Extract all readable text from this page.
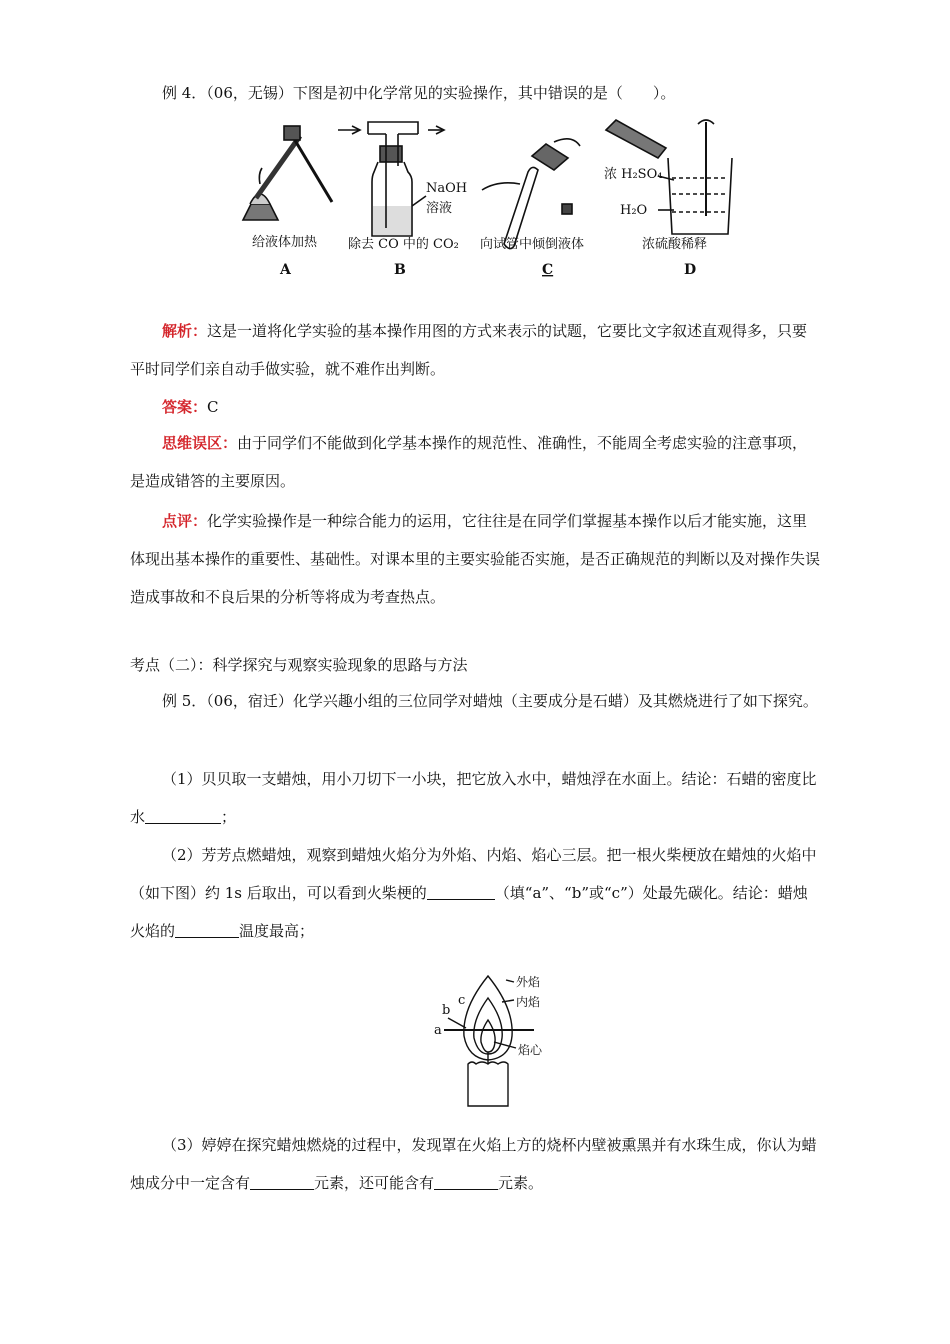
例 4．（06，无锡）下图是初中化学常见的实验操作，其中错误的是（　　）。

NaOH
溶液
浓 H₂SO₄
H₂O
给液体加热 除去 CO 中的 CO₂ 向试管中倾倒液体	浓硫酸稀释
A	B	C	D

解析：这是一道将化学实验的基本操作用图的方式来表示的试题，它要比文字叙述直观得多，只要平时同学们亲自动手做实验，就不难作出判断。

答案：C

思维误区：由于同学们不能做到化学基本操作的规范性、准确性，不能周全考虑实验的注意事项，是造成错答的主要原因。

点评：化学实验操作是一种综合能力的运用，它往往是在同学们掌握基本操作以后才能实施，这里体现出基本操作的重要性、基础性。对课本里的主要实验能否实施，是否正确规范的判断以及对操作失误造成事故和不良后果的分析等将成为考查热点。

考点（二）：科学探究与观察实验现象的思路与方法

例 5．（06，宿迁）化学兴趣小组的三位同学对蜡烛（主要成分是石蜡）及其燃烧进行了如下探究。

（1）贝贝取一支蜡烛，用小刀切下一小块，把它放入水中，蜡烛浮在水面上。结论：石蜡的密度比水	；

（2）芳芳点燃蜡烛，观察到蜡烛火焰分为外焰、内焰、焰心三层。把一根火柴梗放在蜡烛的火焰中（如下图）约 1s 后取出，可以看到火柴梗的	（填“a”、“b”或“c”）处最先碳化。结论：蜡烛火焰的	温度最高；

外焰
内焰
焰心
a
b
c

（3）婷婷在探究蜡烛燃烧的过程中，发现罩在火焰上方的烧杯内壁被熏黑并有水珠生成，你认为蜡烛成分中一定含有	元素，还可能含有	元素。
